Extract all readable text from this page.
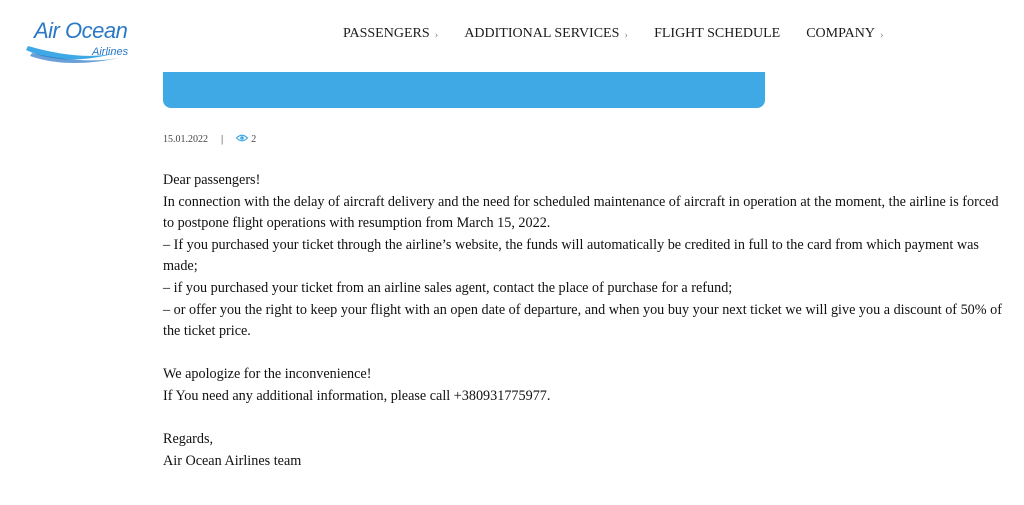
Air Ocean
Airlines
PASSENGERS › ADDITIONAL SERVICES › FLIGHT SCHEDULE COMPANY ›
15.01.2022 |	2

Dear passengers!

In connection with the delay of aircraft delivery and the need for scheduled maintenance of aircraft in operation at the moment, the airline is forced to postpone flight operations with resumption from March 15, 2022.

– If you purchased your ticket through the airline’s website, the funds will automatically be credited in full to the card from which payment was made;

– if you purchased your ticket from an airline sales agent, contact the place of purchase for a refund;

– or offer you the right to keep your flight with an open date of departure, and when you buy your next ticket we will give you a discount of 50% of the ticket price.

We apologize for the inconvenience!

If You need any additional information, please call +380931775977.

Regards,

Air Ocean Airlines team
